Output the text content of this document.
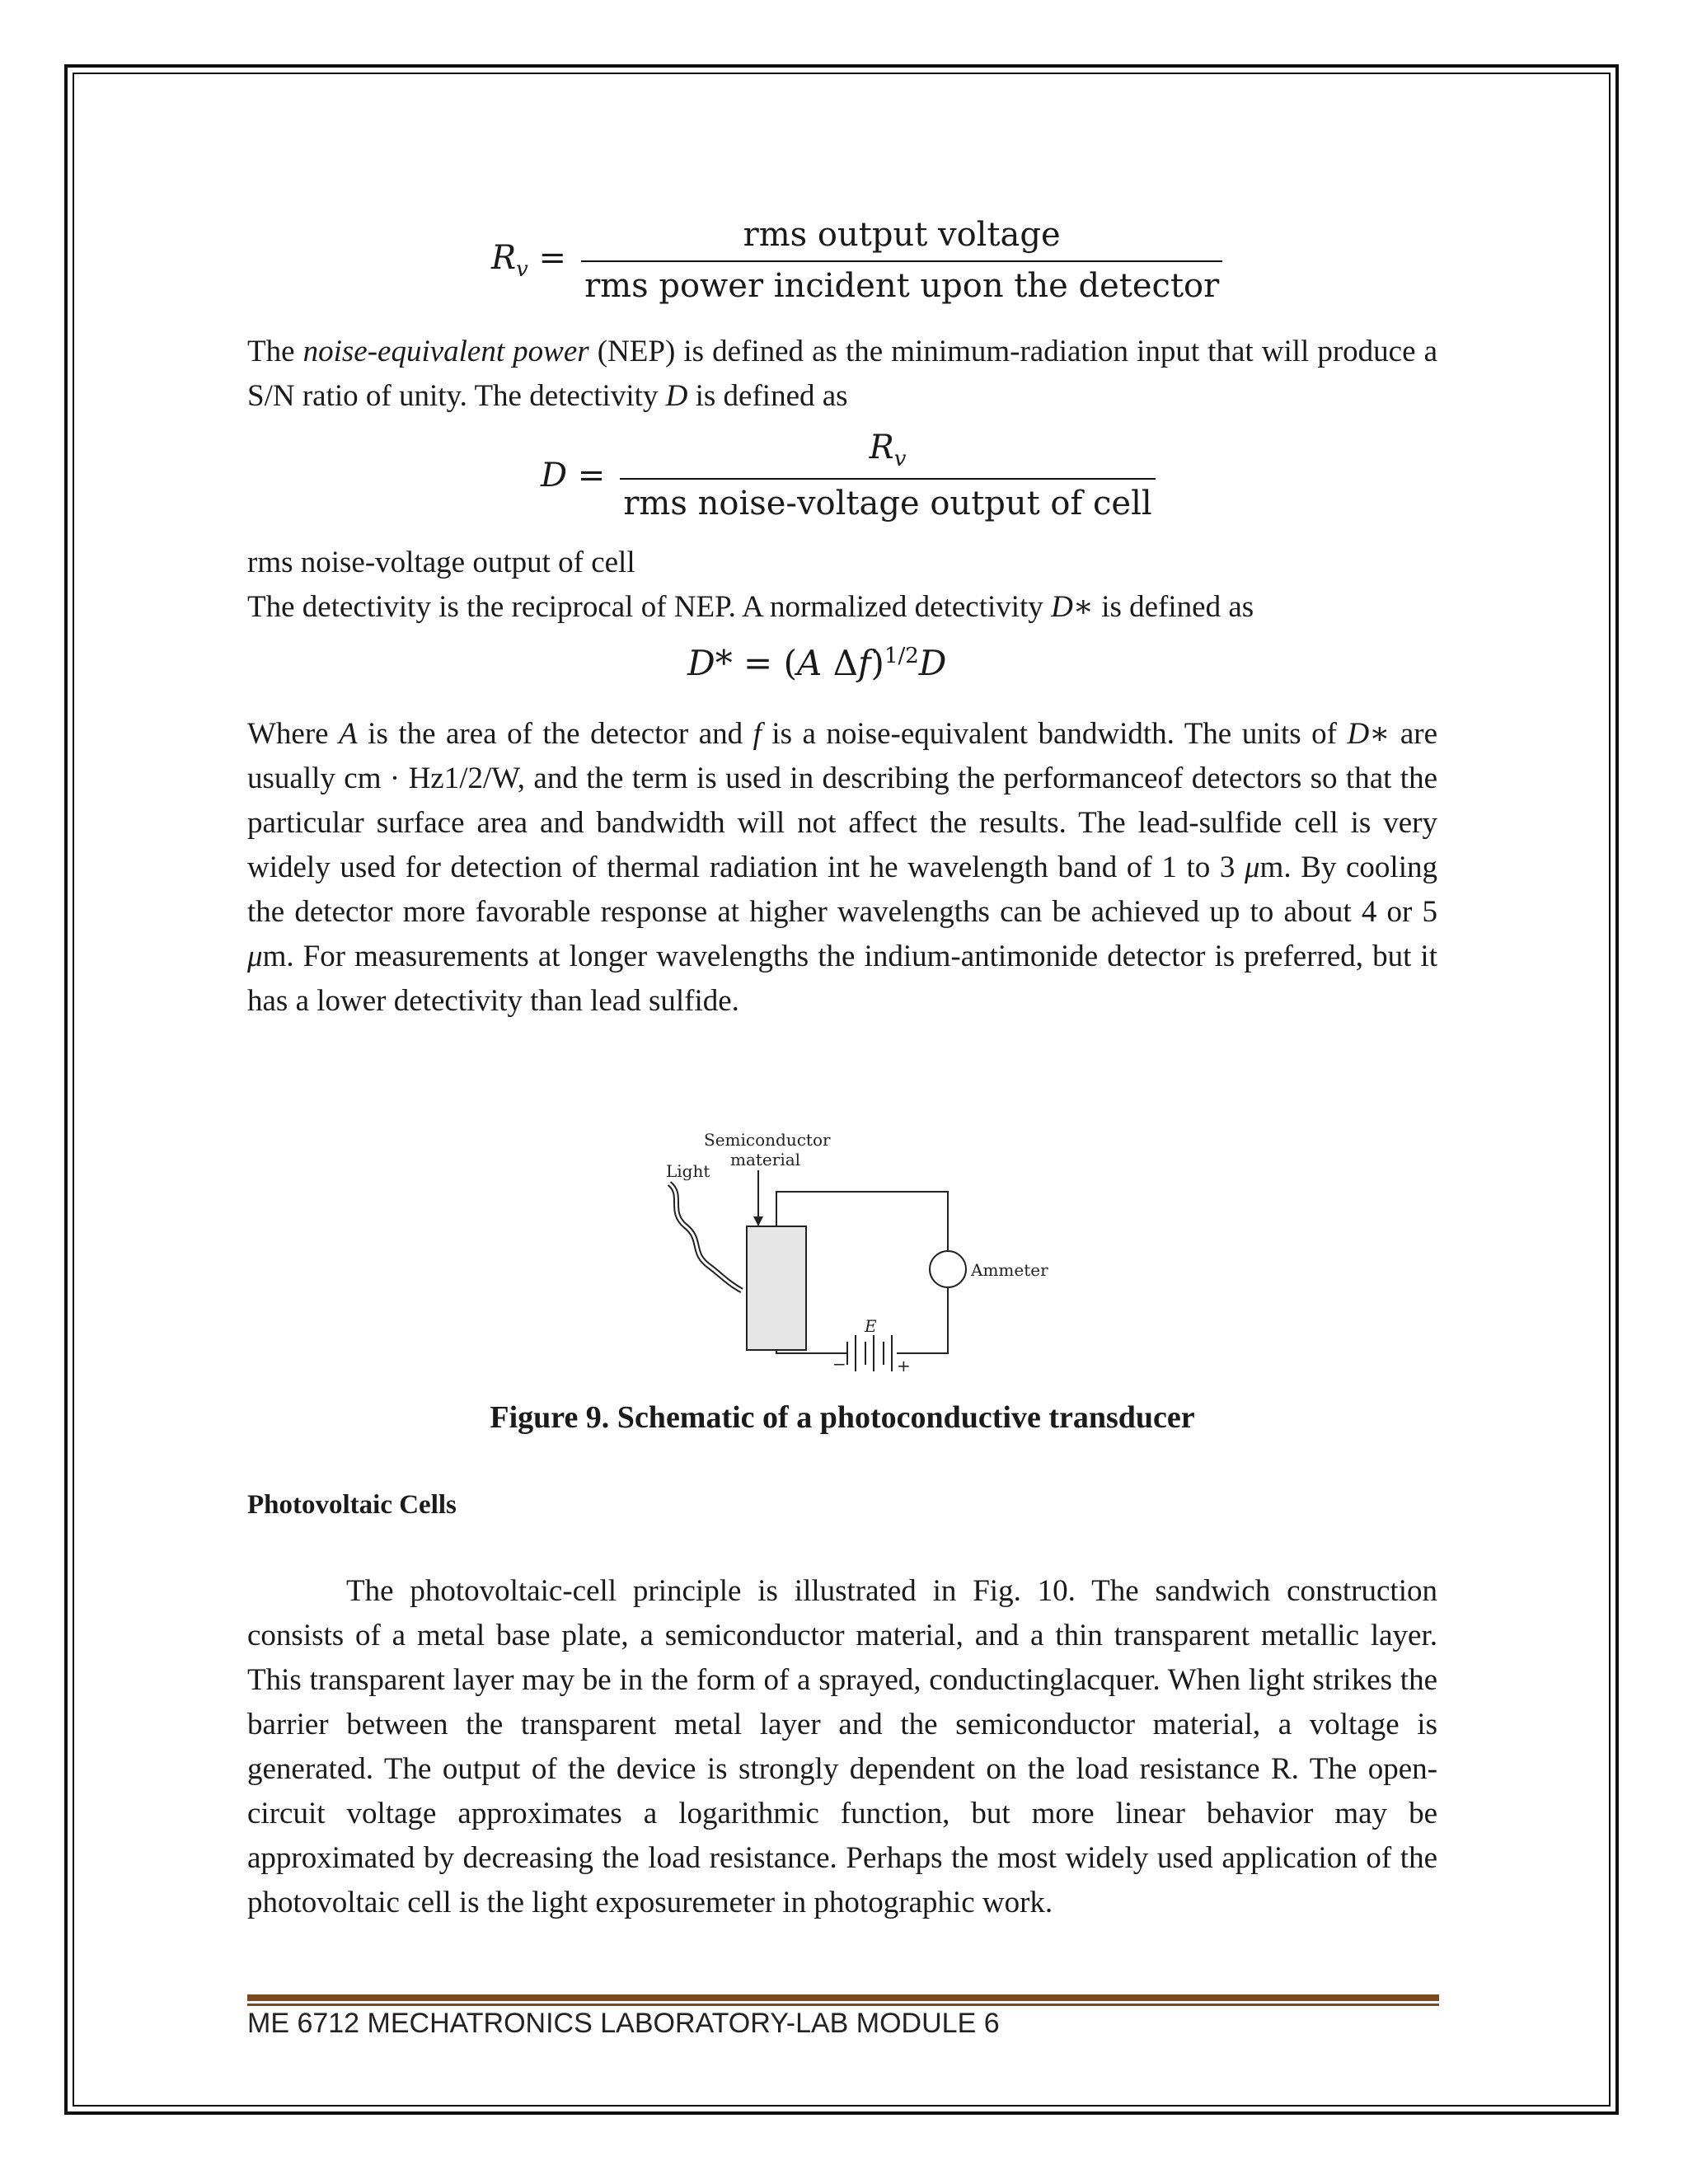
$R_v = \frac{\text{rms output voltage}}{\text{rms power incident upon the detector}}$
The noise-equivalent power (NEP) is defined as the minimum-radiation input that will produce a S/N ratio of unity. The detectivity D is defined as
$D = \frac{R_v}{\text{rms noise-voltage output of cell}}$
rms noise-voltage output of cell
The detectivity is the reciprocal of NEP. A normalized detectivity D∗ is defined as
D* = (A Δf)$^{1/2}$D
Where A is the area of the detector and f is a noise-equivalent bandwidth. The units of D∗ are usually cm · Hz1/2/W, and the term is used in describing the performanceof detectors so that the particular surface area and bandwidth will not affect the results. The lead-sulfide cell is very widely used for detection of thermal radiation int he wavelength band of 1 to 3 μm. By cooling the detector more favorable response at higher wavelengths can be achieved up to about 4 or 5 μm. For measurements at longer wavelengths the indium-antimonide detector is preferred, but it has a lower detectivity than lead sulfide.
Light
Semiconductor
material
Ammeter
E
−	+
Figure 9. Schematic of a photoconductive transducer
Photovoltaic Cells
The photovoltaic-cell principle is illustrated in Fig. 10. The sandwich construction consists of a metal base plate, a semiconductor material, and a thin transparent metallic layer. This transparent layer may be in the form of a sprayed, conductinglacquer. When light strikes the barrier between the transparent metal layer and the semiconductor material, a voltage is generated. The output of the device is strongly dependent on the load resistance R. The open-circuit voltage approximates a logarithmic function, but more linear behavior may be approximated by decreasing the load resistance. Perhaps the most widely used application of the photovoltaic cell is the light exposuremeter in photographic work.
ME 6712 MECHATRONICS LABORATORY-LAB MODULE 6
